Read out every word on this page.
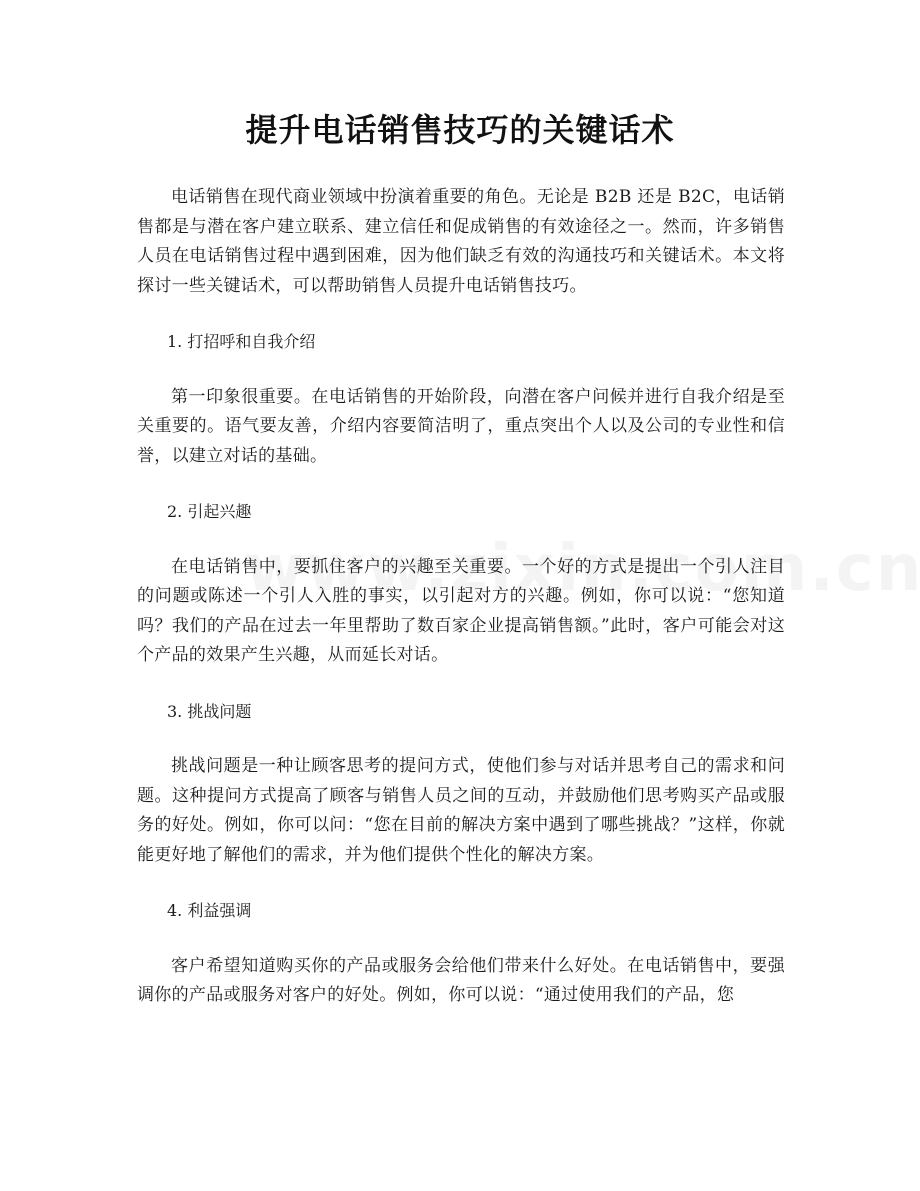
提升电话销售技巧的关键话术

电话销售在现代商业领域中扮演着重要的角色。无论是 B2B 还是 B2C，电话销售都是与潜在客户建立联系、建立信任和促成销售的有效途径之一。然而，许多销售人员在电话销售过程中遇到困难，因为他们缺乏有效的沟通技巧和关键话术。本文将探讨一些关键话术，可以帮助销售人员提升电话销售技巧。

1. 打招呼和自我介绍

第一印象很重要。在电话销售的开始阶段，向潜在客户问候并进行自我介绍是至关重要的。语气要友善，介绍内容要简洁明了，重点突出个人以及公司的专业性和信誉，以建立对话的基础。

2. 引起兴趣

在电话销售中，要抓住客户的兴趣至关重要。一个好的方式是提出一个引人注目的问题或陈述一个引人入胜的事实，以引起对方的兴趣。例如，你可以说：“您知道吗？我们的产品在过去一年里帮助了数百家企业提高销售额。”此时，客户可能会对这个产品的效果产生兴趣，从而延长对话。

3. 挑战问题

挑战问题是一种让顾客思考的提问方式，使他们参与对话并思考自己的需求和问题。这种提问方式提高了顾客与销售人员之间的互动，并鼓励他们思考购买产品或服务的好处。例如，你可以问：“您在目前的解决方案中遇到了哪些挑战？”这样，你就能更好地了解他们的需求，并为他们提供个性化的解决方案。

4. 利益强调

客户希望知道购买你的产品或服务会给他们带来什么好处。在电话销售中，要强调你的产品或服务对客户的好处。例如，你可以说：“通过使用我们的产品，您
